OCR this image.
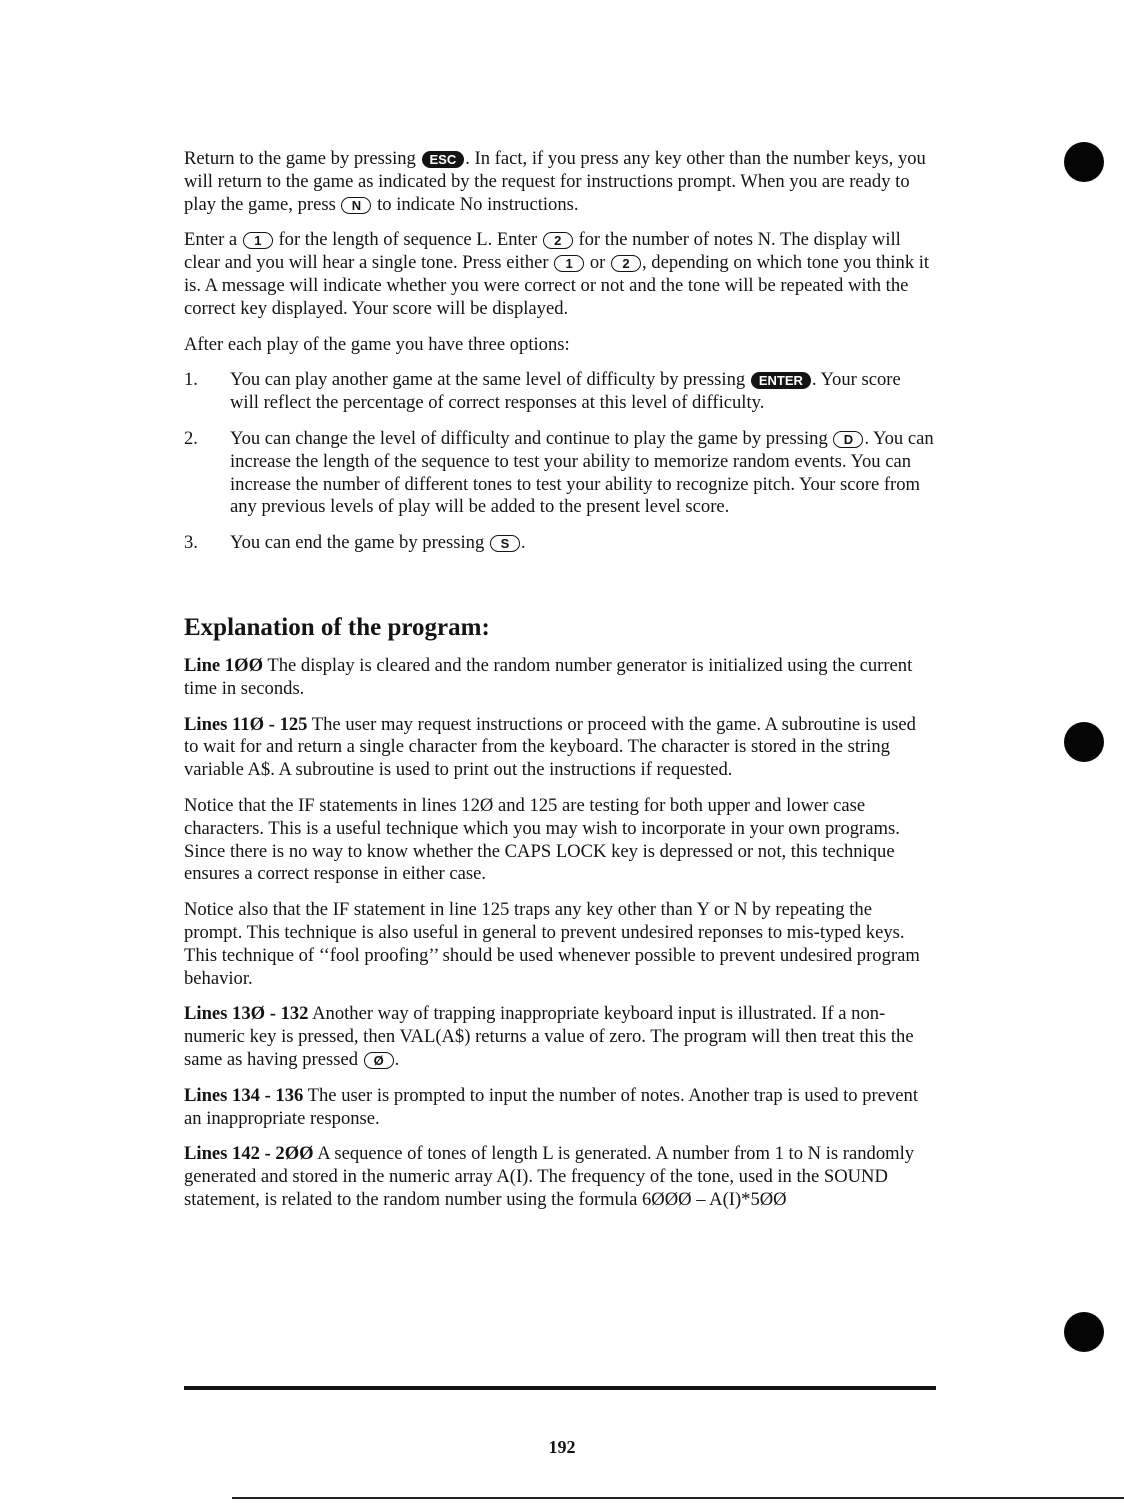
Return to the game by pressing ESC . In fact, if you press any key other than the number keys, you will return to the game as indicated by the request for instructions prompt. When you are ready to play the game, press N to indicate No instructions.

Enter a 1 for the length of sequence L. Enter 2 for the number of notes N. The display will clear and you will hear a single tone. Press either 1 or 2 , depending on which tone you think it is. A message will indicate whether you were correct or not and the tone will be repeated with the correct key displayed. Your score will be displayed.

After each play of the game you have three options:

1. You can play another game at the same level of difficulty by pressing ENTER . Your score will reflect the percentage of correct responses at this level of difficulty.
2. You can change the level of difficulty and continue to play the game by pressing D . You can increase the length of the sequence to test your ability to memorize random events. You can increase the number of different tones to test your ability to recognize pitch. Your score from any previous levels of play will be added to the present level score.
3. You can end the game by pressing S .
Explanation of the program:

Line 1ØØ The display is cleared and the random number generator is initialized using the current time in seconds.

Lines 11Ø - 125 The user may request instructions or proceed with the game. A subroutine is used to wait for and return a single character from the keyboard. The character is stored in the string variable A$. A subroutine is used to print out the instructions if requested.

Notice that the IF statements in lines 12Ø and 125 are testing for both upper and lower case characters. This is a useful technique which you may wish to incorporate in your own programs. Since there is no way to know whether the CAPS LOCK key is depressed or not, this technique ensures a correct response in either case.

Notice also that the IF statement in line 125 traps any key other than Y or N by repeating the prompt. This technique is also useful in general to prevent undesired reponses to mis-typed keys. This technique of ‘‘fool proofing’’ should be used whenever possible to prevent undesired program behavior.

Lines 13Ø - 132 Another way of trapping inappropriate keyboard input is illustrated. If a non-numeric key is pressed, then VAL(A$) returns a value of zero. The program will then treat this the same as having pressed Ø .

Lines 134 - 136 The user is prompted to input the number of notes. Another trap is used to prevent an inappropriate response.

Lines 142 - 2ØØ A sequence of tones of length L is generated. A number from 1 to N is randomly generated and stored in the numeric array A(I). The frequency of the tone, used in the SOUND statement, is related to the random number using the formula 6ØØØ – A(I)*5ØØ

192
